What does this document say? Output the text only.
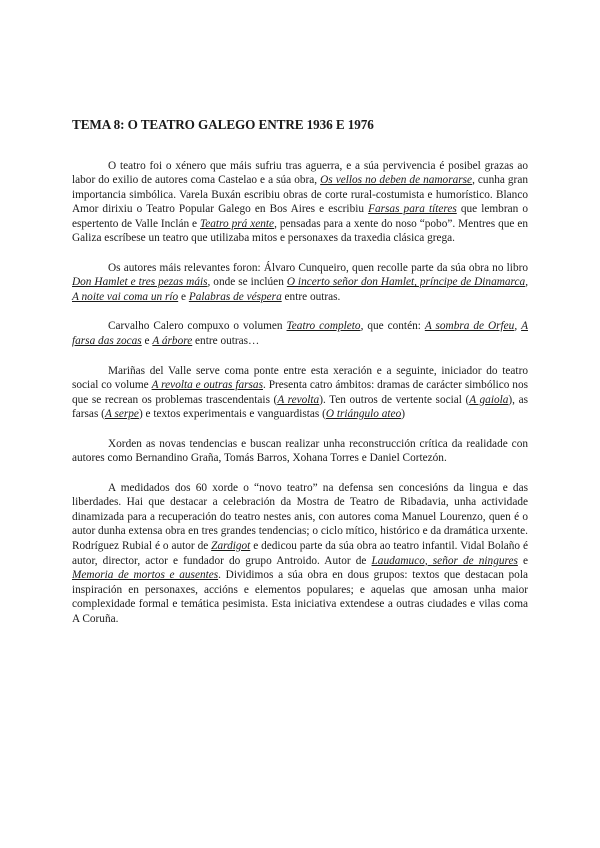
TEMA 8: O TEATRO GALEGO ENTRE 1936 E 1976

O teatro foi o xénero que máis sufriu tras aguerra, e a súa pervivencia é posibel grazas ao labor do exilio de autores coma Castelao e a súa obra, Os vellos no deben de namorarse, cunha gran importancia simbólica. Varela Buxán escribiu obras de corte rural-costumista e humorístico. Blanco Amor dirixiu o Teatro Popular Galego en Bos Aires e escribiu Farsas para títeres que lembran o espertento de Valle Inclán e Teatro prá xente, pensadas para a xente do noso “pobo”. Mentres que en Galiza escríbese un teatro que utilizaba mitos e personaxes da traxedia clásica grega.

Os autores máis relevantes foron: Álvaro Cunqueiro, quen recolle parte da súa obra no libro Don Hamlet e tres pezas máis, onde se inclúen O incerto señor don Hamlet, príncipe de Dinamarca, A noite vai coma un río e Palabras de véspera entre outras.

Carvalho Calero compuxo o volumen Teatro completo, que contén: A sombra de Orfeu, A farsa das zocas e A árbore entre outras…

Mariñas del Valle serve coma ponte entre esta xeración e a seguinte, iniciador do teatro social co volume A revolta e outras farsas. Presenta catro ámbitos: dramas de carácter simbólico nos que se recrean os problemas trascendentais (A revolta). Ten outros de vertente social (A gaiola), as farsas (A serpe) e textos experimentais e vanguardistas (O triángulo ateo)

Xorden as novas tendencias e buscan realizar unha reconstrucción crítica da realidade con autores como Bernandino Graña, Tomás Barros, Xohana Torres e Daniel Cortezón.

A medidados dos 60 xorde o “novo teatro” na defensa sen concesións da lingua e das liberdades. Hai que destacar a celebración da Mostra de Teatro de Ribadavia, unha actividade dinamizada para a recuperación do teatro nestes anis, con autores coma Manuel Lourenzo, quen é o autor dunha extensa obra en tres grandes tendencias; o ciclo mítico, histórico e da dramática urxente. Rodríguez Rubial é o autor de Zardigot e dedicou parte da súa obra ao teatro infantil. Vidal Bolaño é autor, director, actor e fundador do grupo Antroido. Autor de Laudamuco, señor de ningures e Memoria de mortos e ausentes. Dividimos a súa obra en dous grupos: textos que destacan pola inspiración en personaxes, accións e elementos populares; e aquelas que amosan unha maior complexidade formal e temática pesimista. Esta iniciativa extendese a outras ciudades e vilas coma A Coruña.
